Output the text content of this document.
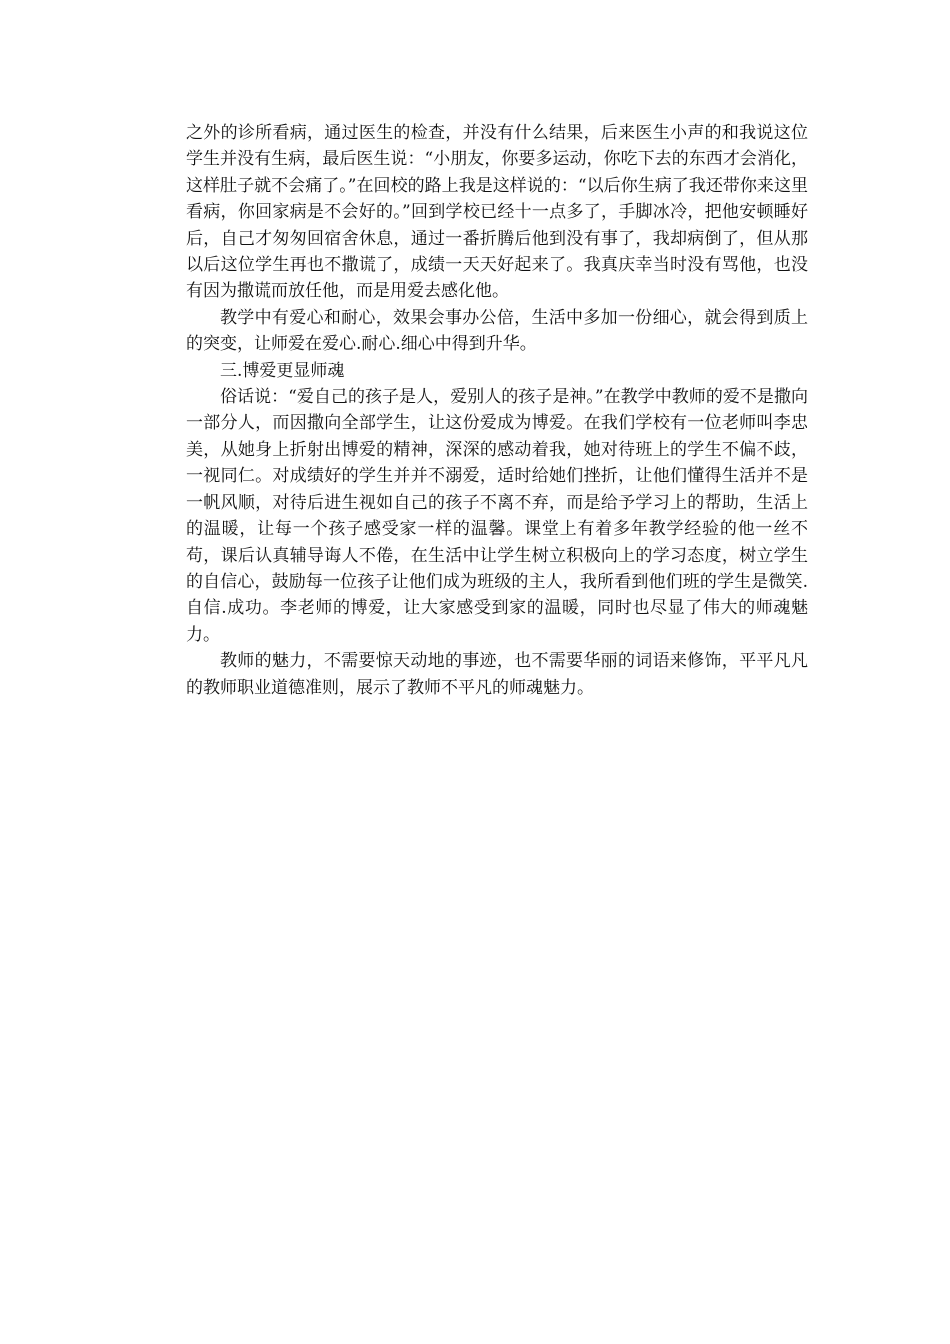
之外的诊所看病，通过医生的检查，并没有什么结果，后来医生小声的和我说这位学生并没有生病，最后医生说：“小朋友，你要多运动，你吃下去的东西才会消化，这样肚子就不会痛了。”在回校的路上我是这样说的：“以后你生病了我还带你来这里看病，你回家病是不会好的。”回到学校已经十一点多了，手脚冰冷，把他安顿睡好后，自己才匆匆回宿舍休息，通过一番折腾后他到没有事了，我却病倒了，但从那以后这位学生再也不撒谎了，成绩一天天好起来了。我真庆幸当时没有骂他，也没有因为撒谎而放任他，而是用爱去感化他。

教学中有爱心和耐心，效果会事办公倍，生活中多加一份细心，就会得到质上的突变，让师爱在爱心.耐心.细心中得到升华。

三.博爱更显师魂

俗话说：“爱自己的孩子是人，爱别人的孩子是神。”在教学中教师的爱不是撒向一部分人，而因撒向全部学生，让这份爱成为博爱。在我们学校有一位老师叫李忠美，从她身上折射出博爱的精神，深深的感动着我，她对待班上的学生不偏不歧，一视同仁。对成绩好的学生并并不溺爱，适时给她们挫折，让他们懂得生活并不是一帆风顺，对待后进生视如自己的孩子不离不弃，而是给予学习上的帮助，生活上的温暖，让每一个孩子感受家一样的温馨。课堂上有着多年教学经验的他一丝不苟，课后认真辅导诲人不倦，在生活中让学生树立积极向上的学习态度，树立学生的自信心，鼓励每一位孩子让他们成为班级的主人，我所看到他们班的学生是微笑.自信.成功。李老师的博爱，让大家感受到家的温暖，同时也尽显了伟大的师魂魅力。

教师的魅力，不需要惊天动地的事迹，也不需要华丽的词语来修饰，平平凡凡的教师职业道德准则，展示了教师不平凡的师魂魅力。
